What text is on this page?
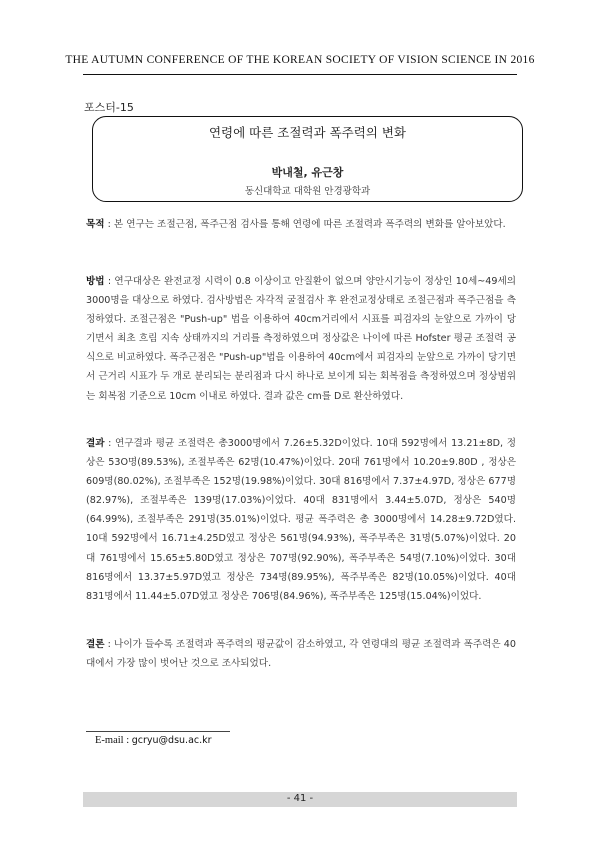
THE AUTUMN CONFERENCE OF THE KOREAN SOCIETY OF VISION SCIENCE IN 2016
포스터-15
연령에 따른 조절력과 폭주력의 변화
박내철, 유근창
동신대학교 대학원 안경광학과
목적 : 본 연구는 조절근점, 폭주근점 검사를 통해 연령에 따른 조절력과 폭주력의 변화를 알아보았다.
방법 : 연구대상은 완전교정 시력이 0.8 이상이고 안질환이 없으며 양안시기능이 정상인 10세~49세의 3000명을 대상으로 하였다. 검사방법은 자각적 굴절검사 후 완전교정상태로 조절근점과 폭주근점을 측정하였다. 조절근점은 "Push-up" 법을 이용하여 40cm거리에서 시표를 피검자의 눈앞으로 가까이 당기면서 최초 흐림 지속 상태까지의 거리를 측정하였으며 정상값은 나이에 따른 Hofster 평균 조절력 공식으로 비교하였다. 폭주근점은 "Push-up"법을 이용하여 40cm에서 피검자의 눈앞으로 가까이 당기면서 근거리 시표가 두 개로 분리되는 분리점과 다시 하나로 보이게 되는 회복점을 측정하였으며 정상범위는 회복점 기준으로 10cm 이내로 하였다. 결과 값은 cm를 D로 환산하였다.
결과 : 연구결과 평균 조절력은 총3000명에서 7.26±5.32D이었다. 10대 592명에서 13.21±8D, 정상은 53O명(89.53%), 조절부족은 62명(10.47%)이었다. 20대 761명에서 10.20±9.80D , 정상은 609명(80.02%), 조절부족은 152명(19.98%)이었다. 30대 816명에서 7.37±4.97D, 정상은 677명(82.97%), 조절부족은 139명(17.03%)이었다. 40대 831명에서 3.44±5.07D, 정상은 540명(64.99%), 조절부족은 291명(35.01%)이었다. 평균 폭주력은 총 3000명에서 14.28±9.72D였다. 10대 592명에서 16.71±4.25D였고 정상은 561명(94.93%), 폭주부족은 31명(5.07%)이었다. 20대 761명에서 15.65±5.80D였고 정상은 707명(92.90%), 폭주부족은 54명(7.10%)이었다. 30대 816명에서 13.37±5.97D였고 정상은 734명(89.95%), 폭주부족은 82명(10.05%)이었다. 40대 831명에서 11.44±5.07D였고 정상은 706명(84.96%), 폭주부족은 125명(15.04%)이었다.
결론 : 나이가 들수록 조절력과 폭주력의 평균값이 감소하였고, 각 연령대의 평균 조절력과 폭주력은 40대에서 가장 많이 벗어난 것으로 조사되었다.
E-mail : gcryu@dsu.ac.kr
- 41 -
